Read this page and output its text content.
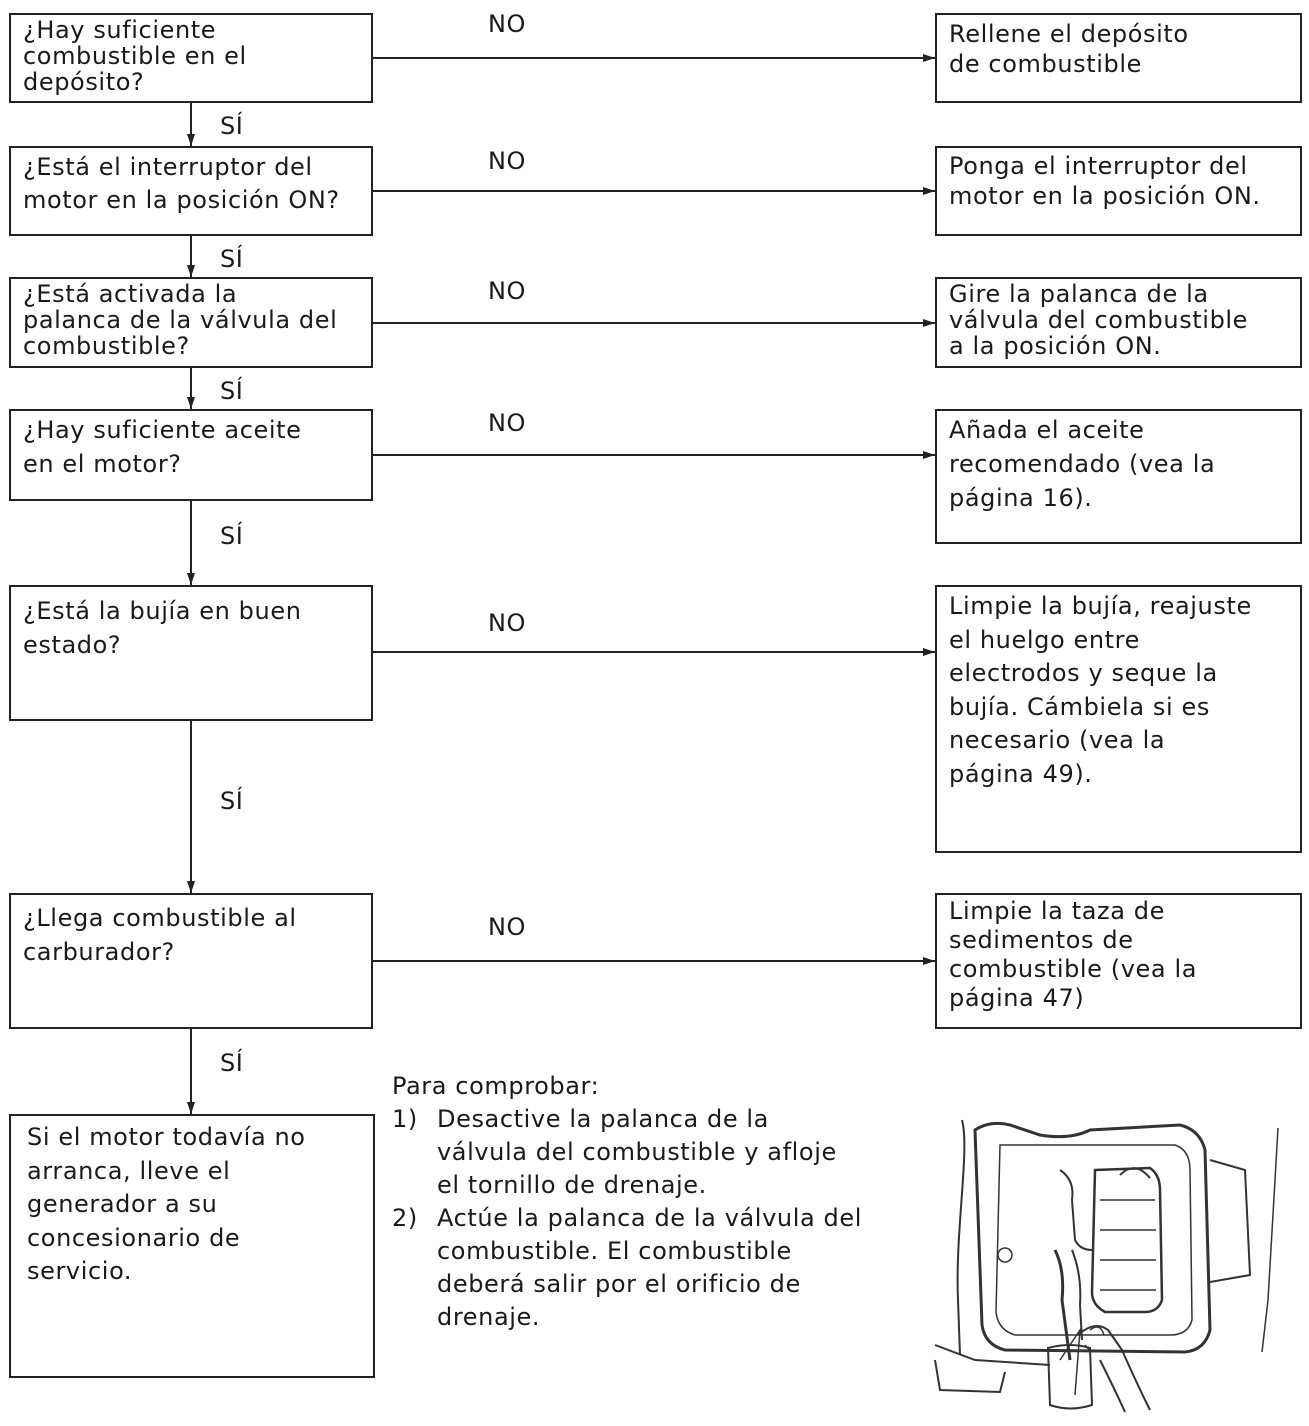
¿Hay suficiente
combustible en el
depósito?
¿Está el interruptor del
motor en la posición ON?
¿Está activada la
palanca de la válvula del
combustible?
¿Hay suficiente aceite
en el motor?
¿Está la bujía en buen
estado?
¿Llega combustible al
carburador?
Rellene el depósito
de combustible
Ponga el interruptor del
motor en la posición ON.
Gire la palanca de la
válvula del combustible
a la posición ON.
Añada el aceite
recomendado (vea la
página 16).
Limpie la bujía, reajuste
el huelgo entre
electrodos y seque la
bujía. Cámbiela si es
necesario (vea la
página 49).
Limpie la taza de
sedimentos de
combustible (vea la
página 47)
Si el motor todavía no
arranca, lleve el
generador a su
concesionario de
servicio.
NO
NO
NO
NO
NO
NO
SÍ
SÍ
SÍ
SÍ
SÍ
SÍ
Para comprobar:
1) Desactive la palanca de la válvula del combustible y afloje el tornillo de drenaje.
2) Actúe la palanca de la válvula del combustible. El combustible deberá salir por el orificio de drenaje.
